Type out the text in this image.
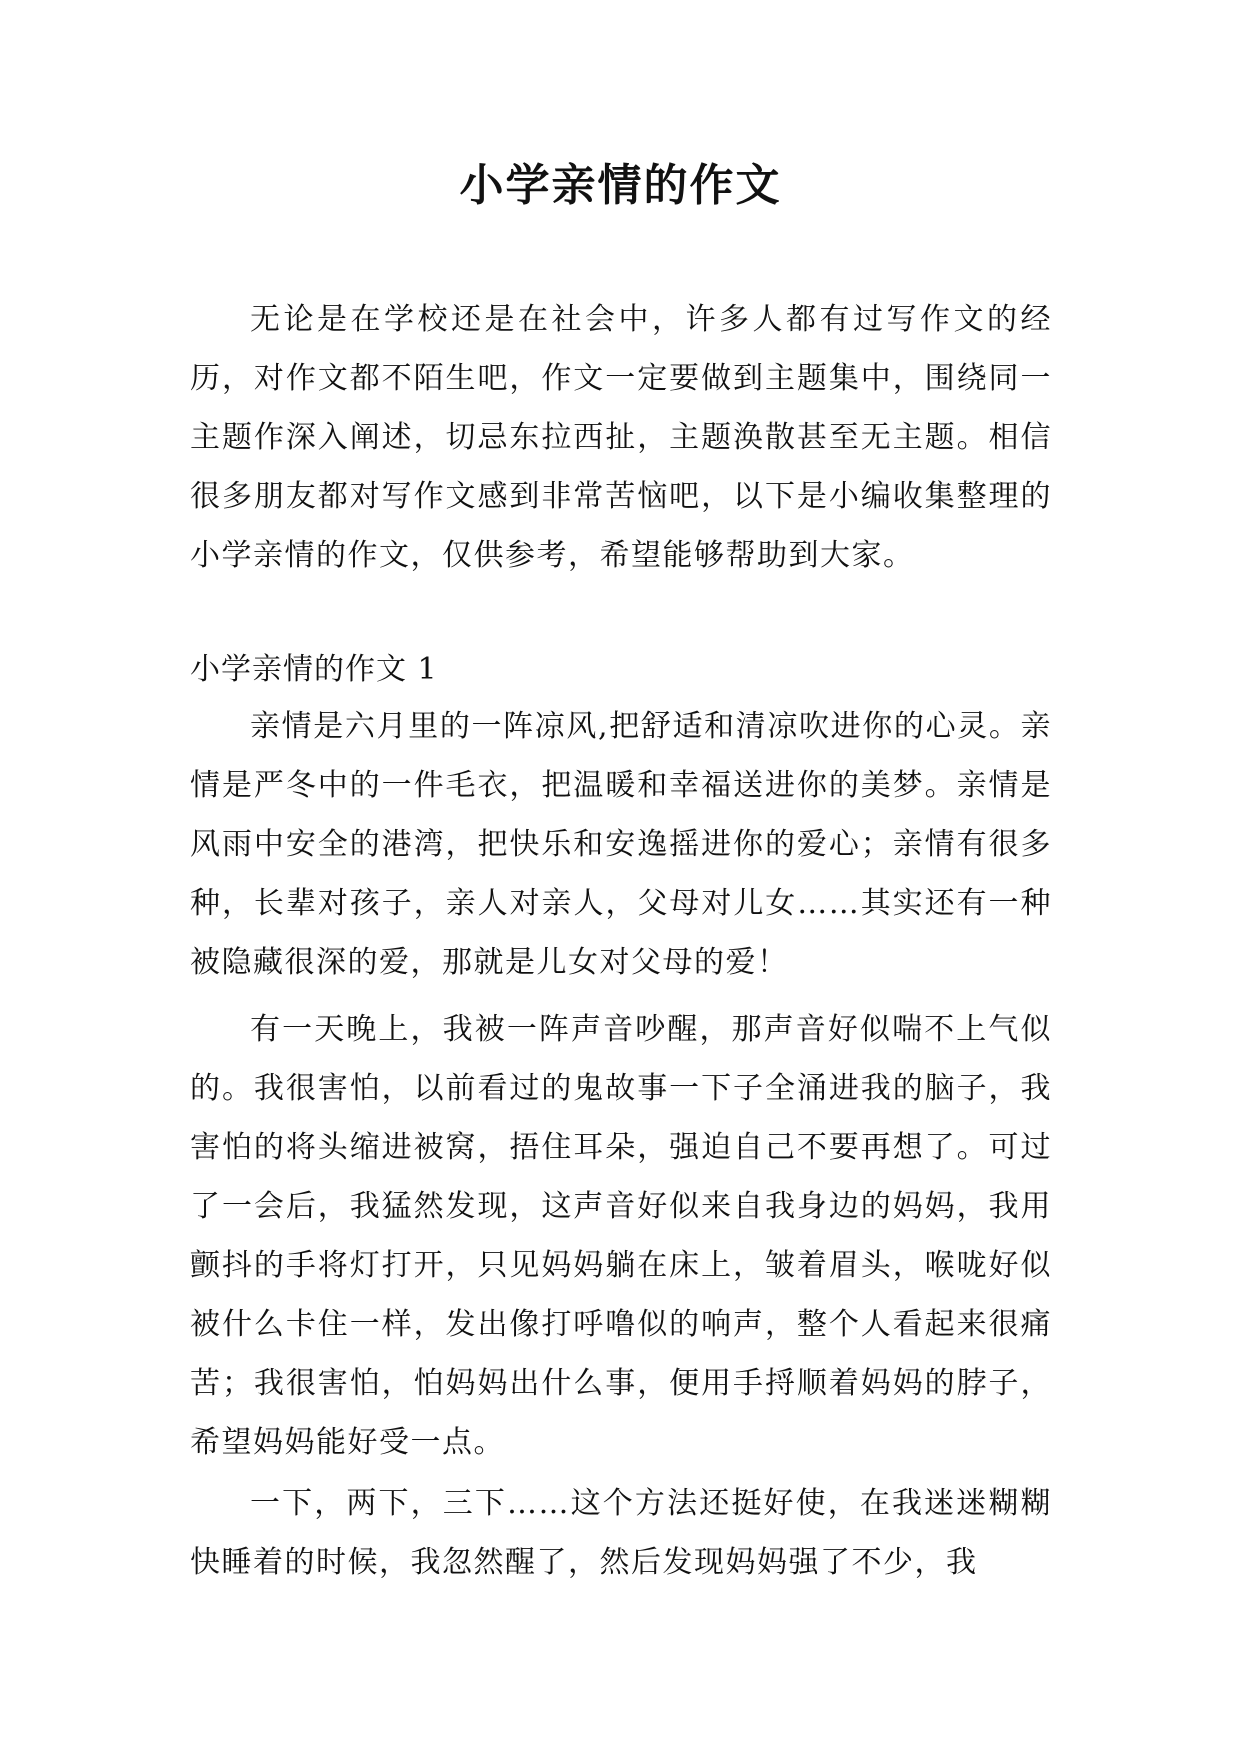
小学亲情的作文

无论是在学校还是在社会中，许多人都有过写作文的经历，对作文都不陌生吧，作文一定要做到主题集中，围绕同一主题作深入阐述，切忌东拉西扯，主题涣散甚至无主题。相信很多朋友都对写作文感到非常苦恼吧，以下是小编收集整理的小学亲情的作文，仅供参考，希望能够帮助到大家。

小学亲情的作文 1

亲情是六月里的一阵凉风,把舒适和清凉吹进你的心灵。亲情是严冬中的一件毛衣，把温暖和幸福送进你的美梦。亲情是风雨中安全的港湾，把快乐和安逸摇进你的爱心；亲情有很多种，长辈对孩子，亲人对亲人，父母对儿女……其实还有一种被隐藏很深的爱，那就是儿女对父母的爱！

有一天晚上，我被一阵声音吵醒，那声音好似喘不上气似的。我很害怕，以前看过的鬼故事一下子全涌进我的脑子，我害怕的将头缩进被窝，捂住耳朵，强迫自己不要再想了。可过了一会后，我猛然发现，这声音好似来自我身边的妈妈，我用颤抖的手将灯打开，只见妈妈躺在床上，皱着眉头，喉咙好似被什么卡住一样，发出像打呼噜似的响声，整个人看起来很痛苦；我很害怕，怕妈妈出什么事，便用手捋顺着妈妈的脖子，希望妈妈能好受一点。

一下，两下，三下……这个方法还挺好使，在我迷迷糊糊快睡着的时候，我忽然醒了，然后发现妈妈强了不少，我
